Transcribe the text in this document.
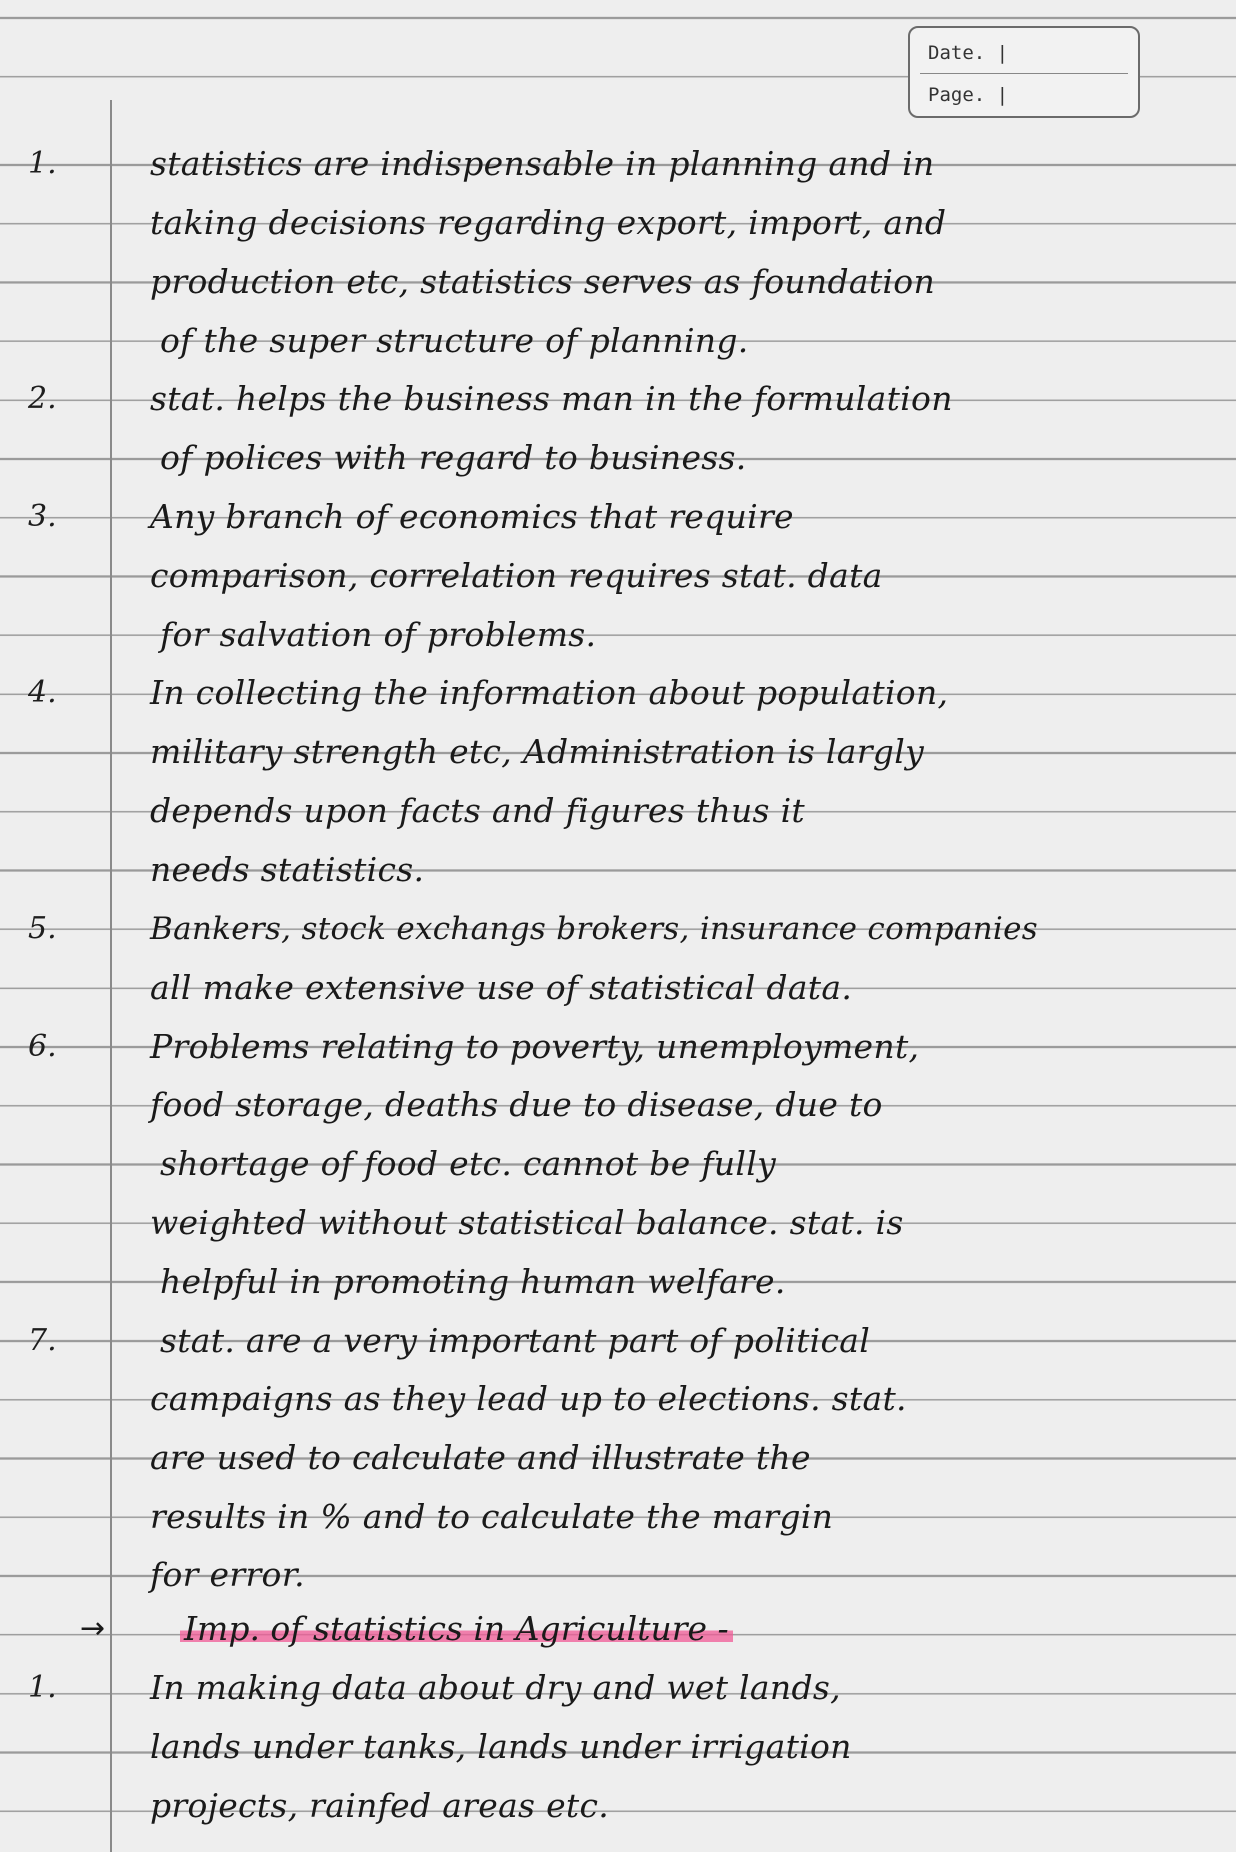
Date. |
Page. |
1.	statistics are indispensable in planning and in
taking decisions regarding export, import, and
production etc, statistics serves as foundation
of the super structure of planning.
2.	stat. helps the business man in the formulation
of polices with regard to business.
3.	Any branch of economics that require
comparison, correlation requires stat. data
for salvation of problems.
4.	In collecting the information about population,
military strength etc, Administration is largly
depends upon facts and figures thus it
needs statistics.
5.	Bankers, stock exchangs brokers, insurance companies
all make extensive use of statistical data.
6.	Problems relating to poverty, unemployment,
food storage, deaths due to disease, due to
shortage of food etc. cannot be fully
weighted without statistical balance. stat. is
helpful in promoting human welfare.
7.	stat. are a very important part of political
campaigns as they lead up to elections. stat.
are used to calculate and illustrate the
results in % and to calculate the margin
for error.
→ Imp. of statistics in Agriculture -
1.	In making data about dry and wet lands,
lands under tanks, lands under irrigation
projects, rainfed areas etc.
